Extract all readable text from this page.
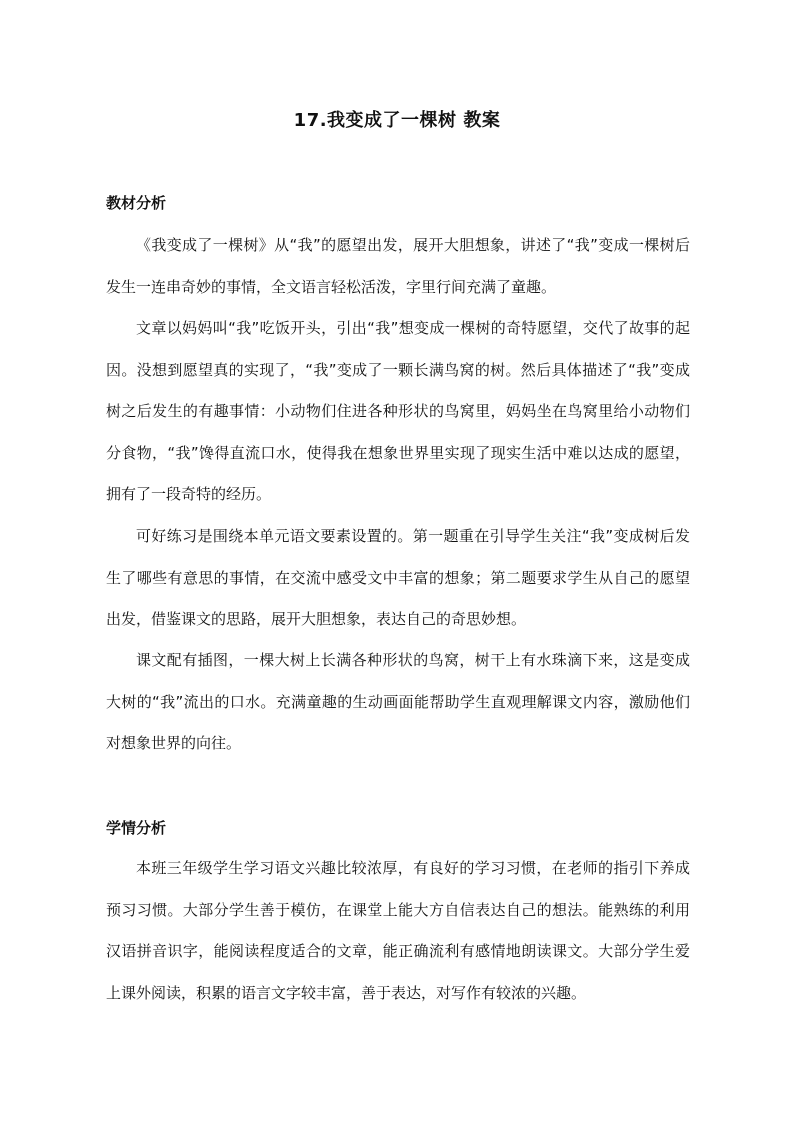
17.我变成了一棵树 教案
教材分析

《我变成了一棵树》从“我”的愿望出发，展开大胆想象，讲述了“我”变成一棵树后发生一连串奇妙的事情，全文语言轻松活泼，字里行间充满了童趣。

文章以妈妈叫“我”吃饭开头，引出“我”想变成一棵树的奇特愿望，交代了故事的起因。没想到愿望真的实现了，“我”变成了一颗长满鸟窝的树。然后具体描述了“我”变成树之后发生的有趣事情：小动物们住进各种形状的鸟窝里，妈妈坐在鸟窝里给小动物们分食物，“我”馋得直流口水，使得我在想象世界里实现了现实生活中难以达成的愿望，拥有了一段奇特的经历。

可好练习是围绕本单元语文要素设置的。第一题重在引导学生关注“我”变成树后发生了哪些有意思的事情，在交流中感受文中丰富的想象；第二题要求学生从自己的愿望出发，借鉴课文的思路，展开大胆想象，表达自己的奇思妙想。

课文配有插图，一棵大树上长满各种形状的鸟窝，树干上有水珠滴下来，这是变成大树的“我”流出的口水。充满童趣的生动画面能帮助学生直观理解课文内容，激励他们对想象世界的向往。

学情分析

本班三年级学生学习语文兴趣比较浓厚，有良好的学习习惯，在老师的指引下养成预习习惯。大部分学生善于模仿，在课堂上能大方自信表达自己的想法。能熟练的利用汉语拼音识字，能阅读程度适合的文章，能正确流利有感情地朗读课文。大部分学生爱上课外阅读，积累的语言文字较丰富，善于表达，对写作有较浓的兴趣。
